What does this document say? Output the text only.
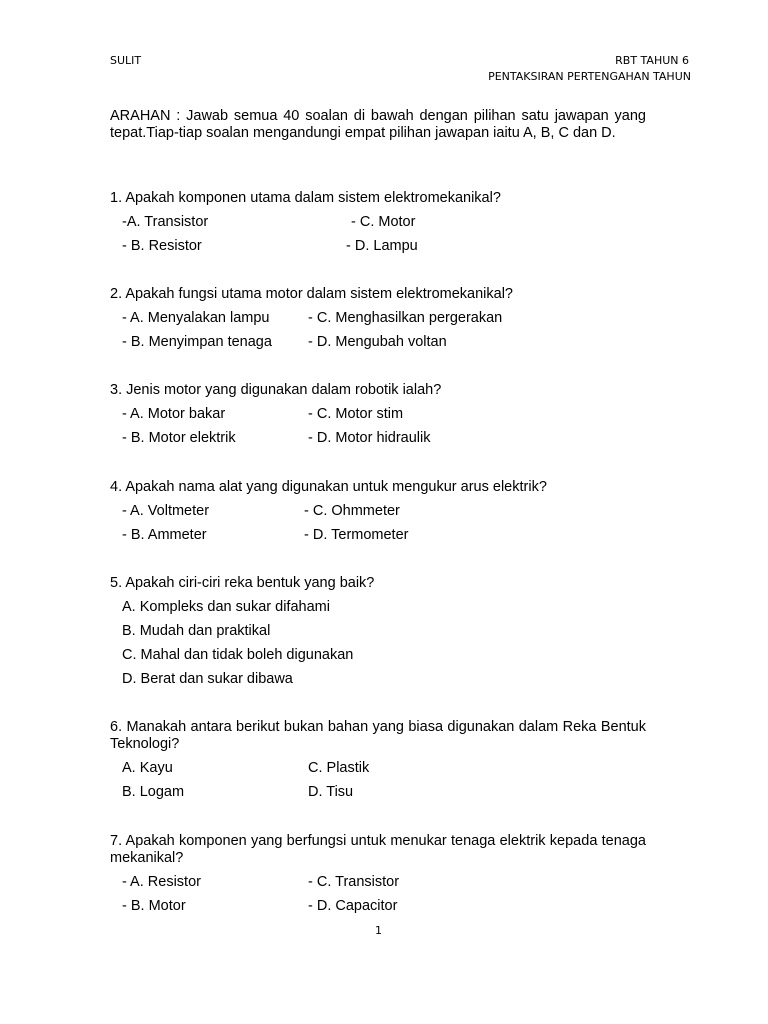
SULIT	RBT TAHUN 6
PENTAKSIRAN PERTENGAHAN TAHUN
ARAHAN : Jawab semua 40 soalan di bawah dengan pilihan satu jawapan yang tepat.Tiap-tiap soalan mengandungi empat pilihan jawapan iaitu A, B, C dan D.
1. Apakah komponen utama dalam sistem elektromekanikal?
-A. Transistor	- C. Motor
- B. Resistor	- D. Lampu
2. Apakah fungsi utama motor dalam sistem elektromekanikal?
- A. Menyalakan lampu	- C. Menghasilkan pergerakan
- B. Menyimpan tenaga - D. Mengubah voltan
3. Jenis motor yang digunakan dalam robotik ialah?
- A. Motor bakar	- C. Motor stim
- B. Motor elektrik	- D. Motor hidraulik
4. Apakah nama alat yang digunakan untuk mengukur arus elektrik?
- A. Voltmeter	- C. Ohmmeter
- B. Ammeter	- D. Termometer
5. Apakah ciri-ciri reka bentuk yang baik?
A. Kompleks dan sukar difahami
B. Mudah dan praktikal
C. Mahal dan tidak boleh digunakan
D. Berat dan sukar dibawa
6. Manakah antara berikut bukan bahan yang biasa digunakan dalam Reka Bentuk Teknologi?
A. Kayu	C. Plastik
B. Logam	D. Tisu
7. Apakah komponen yang berfungsi untuk menukar tenaga elektrik kepada tenaga mekanikal?
- A. Resistor	- C. Transistor
- B. Motor	- D. Capacitor
1
